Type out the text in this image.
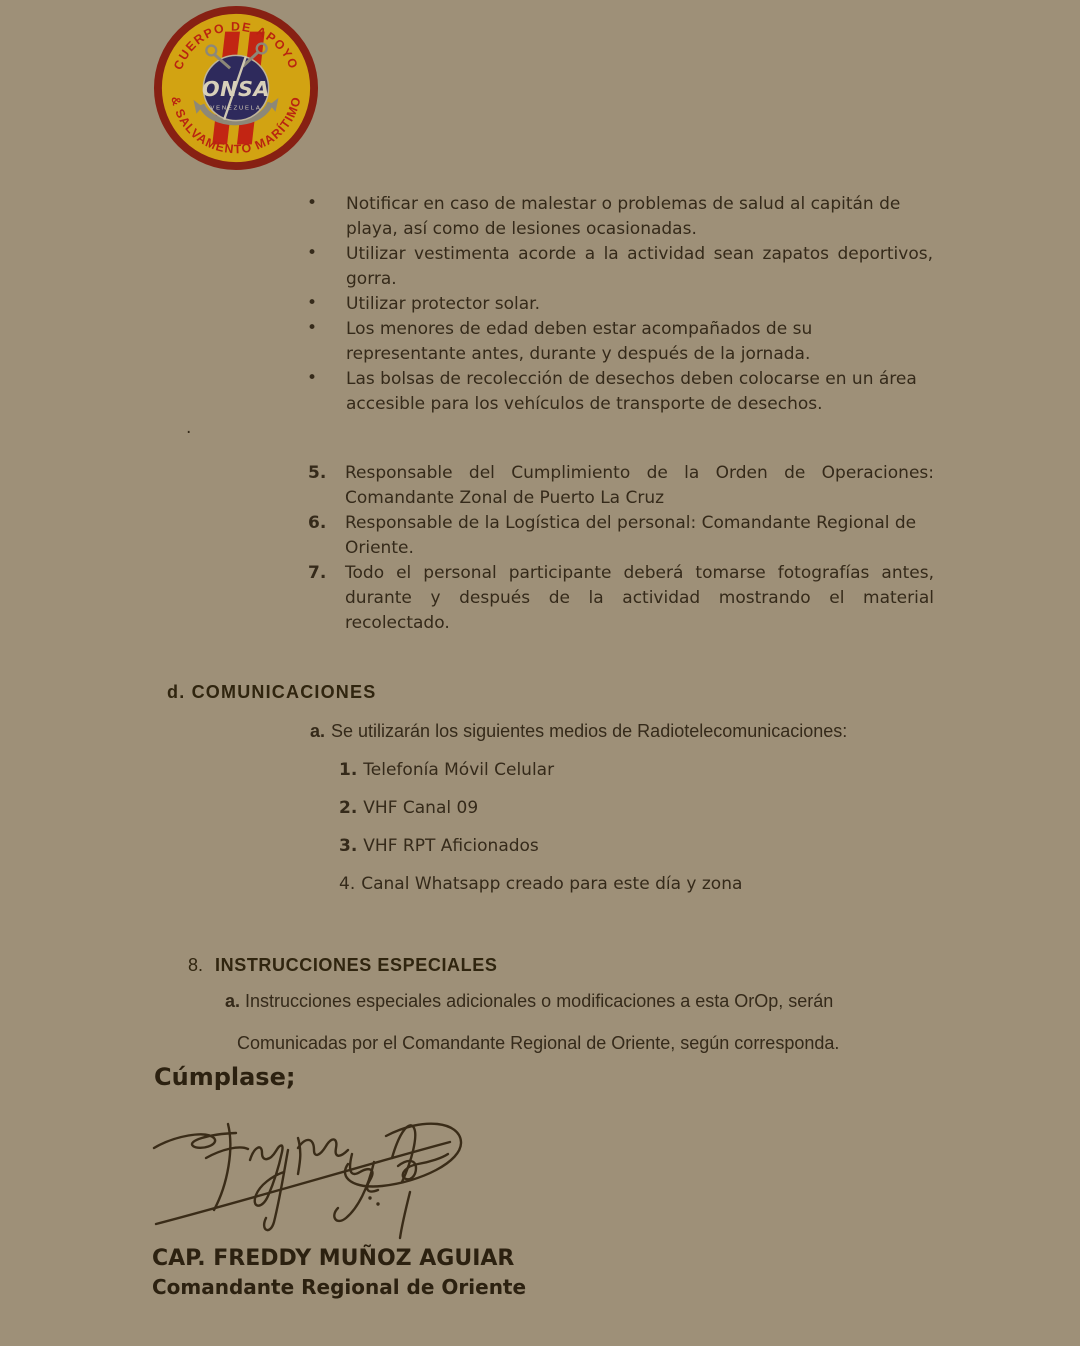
ONSA
VENEZUELA
CUERPO DE APOYO
& SALVAMENTO MARÍTIMO
• Notificar en caso de malestar o problemas de salud al capitán de playa, así como de lesiones ocasionadas.
• Utilizar vestimenta acorde a la actividad sean zapatos deportivos, gorra.
• Utilizar protector solar.
• Los menores de edad deben estar acompañados de su representante antes, durante y después de la jornada.
• Las bolsas de recolección de desechos deben colocarse en un área accesible para los vehículos de transporte de desechos.
.
5. Responsable del Cumplimiento de la Orden de Operaciones: Comandante Zonal de Puerto La Cruz
6. Responsable de la Logística del personal: Comandante Regional de Oriente.
7. Todo el personal participante deberá tomarse fotografías antes, durante y después de la actividad mostrando el material recolectado.
d. COMUNICACIONES
a. Se utilizarán los siguientes medios de Radiotelecomunicaciones:
1. Telefonía Móvil Celular
2. VHF Canal 09
3. VHF RPT Aficionados
4. Canal Whatsapp creado para este día y zona
8. INSTRUCCIONES ESPECIALES
a. Instrucciones especiales adicionales o modificaciones a esta OrOp, serán
Comunicadas por el Comandante Regional de Oriente, según corresponda.
Cúmplase;
CAP. FREDDY MUÑOZ AGUIAR
Comandante Regional de Oriente
